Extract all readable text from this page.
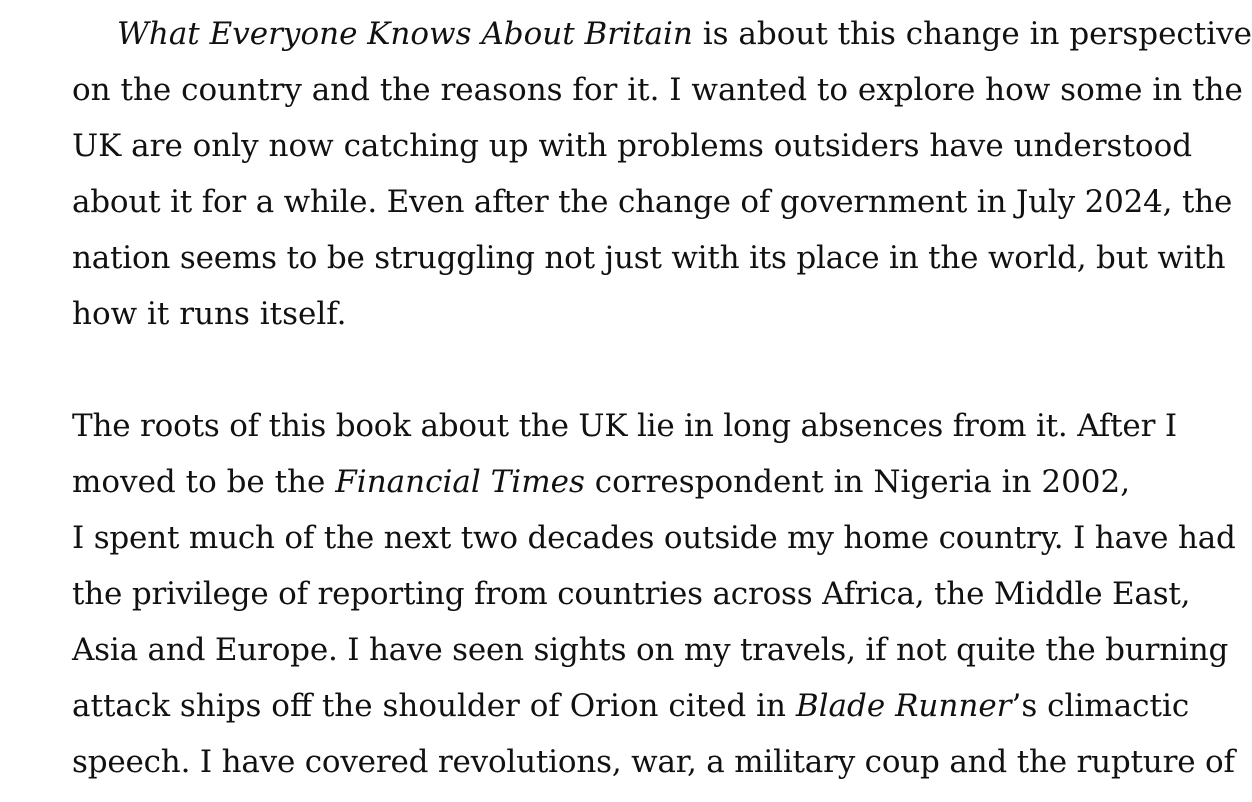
What Everyone Knows About Britain is about this change in perspective
on the country and the reasons for it. I wanted to explore how some in the
UK are only now catching up with problems outsiders have understood
about it for a while. Even after the change of government in July 2024, the
nation seems to be struggling not just with its place in the world, but with
how it runs itself.
The roots of this book about the UK lie in long absences from it. After I
moved to be the Financial Times correspondent in Nigeria in 2002,
I spent much of the next two decades outside my home country. I have had
the privilege of reporting from countries across Africa, the Middle East,
Asia and Europe. I have seen sights on my travels, if not quite the burning
attack ships off the shoulder of Orion cited in Blade Runner’s climactic
speech. I have covered revolutions, war, a military coup and the rupture of
